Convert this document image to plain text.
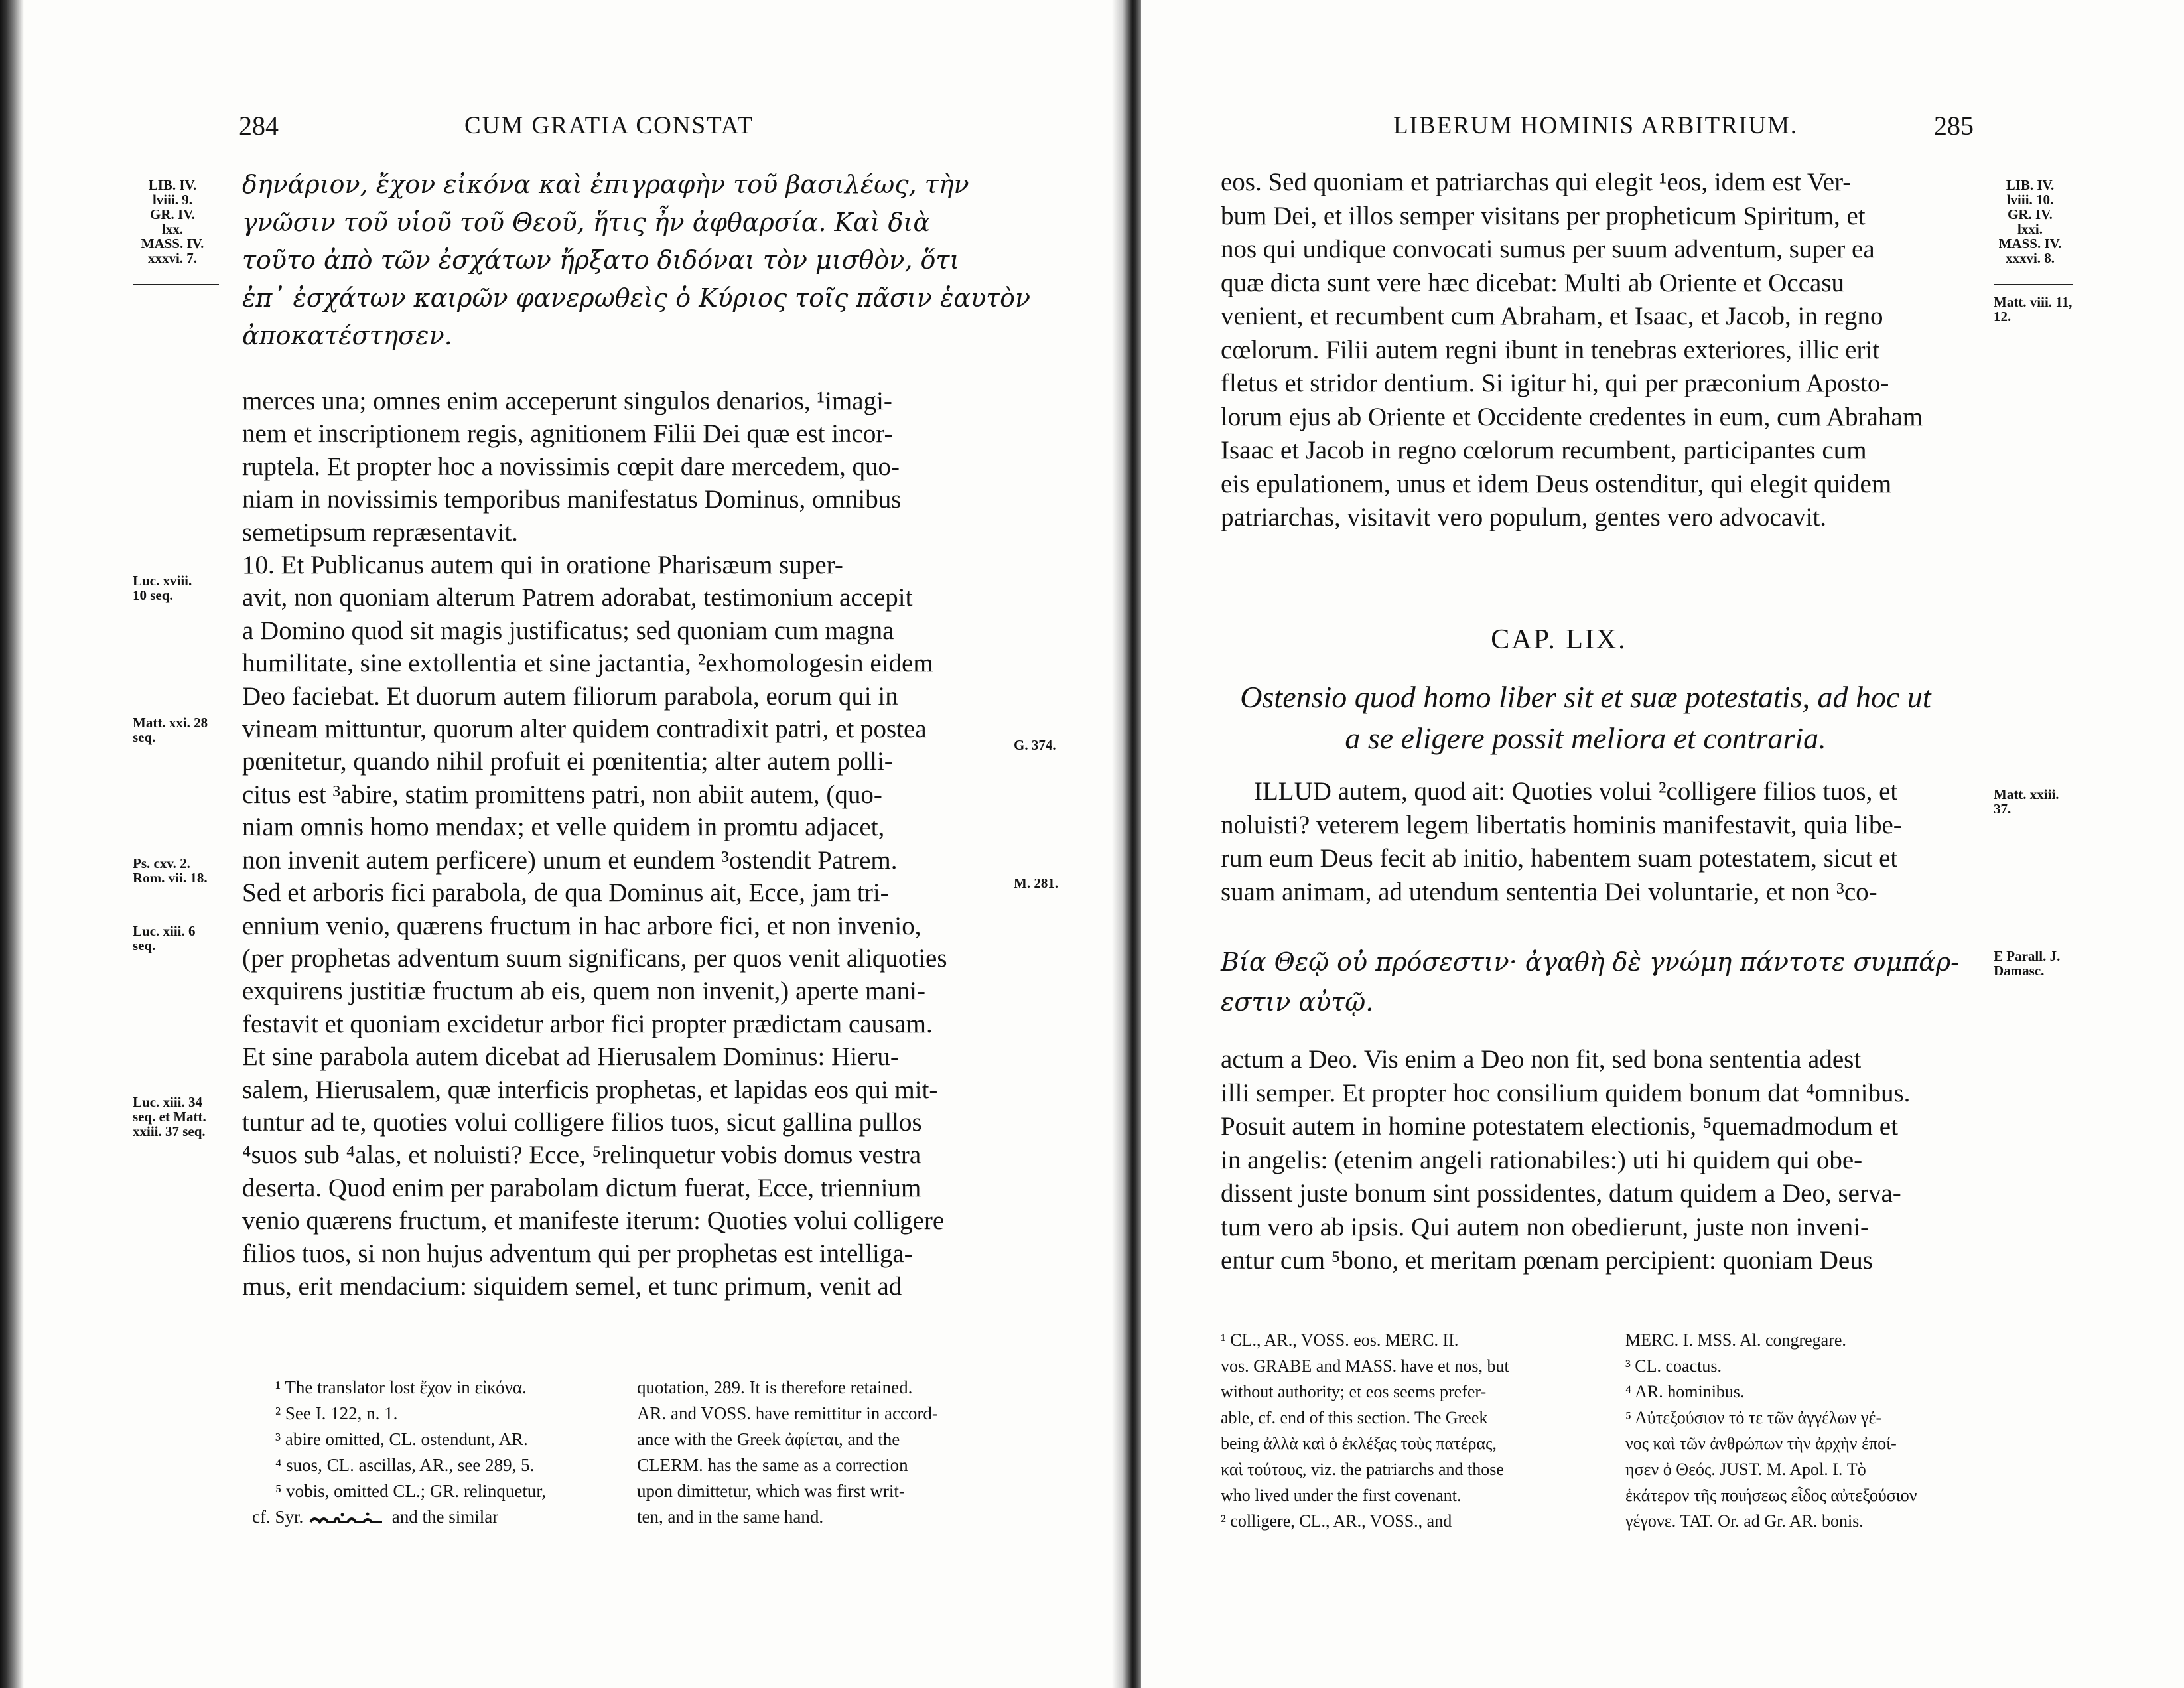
284	CUM GRATIA CONSTAT
LIB. IV.
lviii. 9.
GR. IV.
lxx.
MASS. IV.
xxxvi. 7.
δηνάριον, ἔχον εἰκόνα καὶ ἐπιγραφὴν τοῦ βασιλέως, τὴν
γνῶσιν τοῦ υἱοῦ τοῦ Θεοῦ, ἥτις ἦν ἀφθαρσία. Καὶ διὰ
τοῦτο ἀπὸ τῶν ἐσχάτων ἤρξατο διδόναι τὸν μισθὸν, ὅτι
ἐπ᾽ ἐσχάτων καιρῶν φανερωθεὶς ὁ Κύριος τοῖς πᾶσιν ἑαυτὸν
ἀποκατέστησεν.
merces una; omnes enim acceperunt singulos denarios, ¹imagi-
nem et inscriptionem regis, agnitionem Filii Dei quæ est incor-
ruptela. Et propter hoc a novissimis cœpit dare mercedem, quo-
niam in novissimis temporibus manifestatus Dominus, omnibus
semetipsum repræsentavit.
10. Et Publicanus autem qui in oratione Pharisæum super-
avit, non quoniam alterum Patrem adorabat, testimonium accepit
a Domino quod sit magis justificatus; sed quoniam cum magna
humilitate, sine extollentia et sine jactantia, ²exhomologesin eidem
Deo faciebat. Et duorum autem filiorum parabola, eorum qui in
vineam mittuntur, quorum alter quidem contradixit patri, et postea
pœnitetur, quando nihil profuit ei pœnitentia; alter autem polli-
citus est ³abire, statim promittens patri, non abiit autem, (quo-
niam omnis homo mendax; et velle quidem in promtu adjacet,
non invenit autem perficere) unum et eundem ³ostendit Patrem.
Sed et arboris fici parabola, de qua Dominus ait, Ecce, jam tri-
ennium venio, quærens fructum in hac arbore fici, et non invenio,
(per prophetas adventum suum significans, per quos venit aliquoties
exquirens justitiæ fructum ab eis, quem non invenit,) aperte mani-
festavit et quoniam excidetur arbor fici propter prædictam causam.
Et sine parabola autem dicebat ad Hierusalem Dominus: Hieru-
salem, Hierusalem, quæ interficis prophetas, et lapidas eos qui mit-
tuntur ad te, quoties volui colligere filios tuos, sicut gallina pullos
⁴suos sub ⁴alas, et noluisti? Ecce, ⁵relinquetur vobis domus vestra
deserta. Quod enim per parabolam dictum fuerat, Ecce, triennium
venio quærens fructum, et manifeste iterum: Quoties volui colligere
filios tuos, si non hujus adventum qui per prophetas est intelliga-
mus, erit mendacium: siquidem semel, et tunc primum, venit ad
Luc. xviii.
10 seq.
Matt. xxi. 28
seq.
Ps. cxv. 2.
Rom. vii. 18.
Luc. xiii. 6
seq.
Luc. xiii. 34
seq. et Matt.
xxiii. 37 seq.
G. 374.
M. 281.
¹ The translator lost ἔχον in εἰκόνα.
² See I. 122, n. 1.
³ abire omitted, CL. ostendunt, AR.
⁴ suos, CL. ascillas, AR., see 289, 5.
⁵ vobis, omitted CL.; GR. relinquetur,
cf. Syr.	and the similar
quotation, 289. It is therefore retained.
AR. and VOSS. have remittitur in accord-
ance with the Greek ἀφίεται, and the
CLERM. has the same as a correction
upon dimittetur, which was first writ-
ten, and in the same hand.
LIBERUM HOMINIS ARBITRIUM.	285
eos. Sed quoniam et patriarchas qui elegit ¹eos, idem est Ver-
bum Dei, et illos semper visitans per propheticum Spiritum, et
nos qui undique convocati sumus per suum adventum, super ea
quæ dicta sunt vere hæc dicebat: Multi ab Oriente et Occasu
venient, et recumbent cum Abraham, et Isaac, et Jacob, in regno
cœlorum. Filii autem regni ibunt in tenebras exteriores, illic erit
fletus et stridor dentium. Si igitur hi, qui per præconium Aposto-
lorum ejus ab Oriente et Occidente credentes in eum, cum Abraham
Isaac et Jacob in regno cœlorum recumbent, participantes cum
eis epulationem, unus et idem Deus ostenditur, qui elegit quidem
patriarchas, visitavit vero populum, gentes vero advocavit.
LIB. IV.
lviii. 10.
GR. IV.
lxxi.
MASS. IV.
xxxvi. 8.
Matt. viii. 11,
12.
CAP. LIX.
Ostensio quod homo liber sit et suæ potestatis, ad hoc ut
a se eligere possit meliora et contraria.
ILLUD autem, quod ait: Quoties volui ²colligere filios tuos, et
noluisti? veterem legem libertatis hominis manifestavit, quia libe-
rum eum Deus fecit ab initio, habentem suam potestatem, sicut et
suam animam, ad utendum sententia Dei voluntarie, et non ³co-
Matt. xxiii.
37.
Βία Θεῷ οὐ πρόσεστιν· ἀγαθὴ δὲ γνώμη πάντοτε συμπάρ-
εστιν αὐτῷ.
E Parall. J.
Damasc.
actum a Deo. Vis enim a Deo non fit, sed bona sententia adest
illi semper. Et propter hoc consilium quidem bonum dat ⁴omnibus.
Posuit autem in homine potestatem electionis, ⁵quemadmodum et
in angelis: (etenim angeli rationabiles:) uti hi quidem qui obe-
dissent juste bonum sint possidentes, datum quidem a Deo, serva-
tum vero ab ipsis. Qui autem non obedierunt, juste non inveni-
entur cum ⁵bono, et meritam pœnam percipient: quoniam Deus
¹ CL., AR., VOSS. eos. MERC. II.
vos. GRABE and MASS. have et nos, but
without authority; et eos seems prefer-
able, cf. end of this section. The Greek
being ἀλλὰ καὶ ὁ ἐκλέξας τοὺς πατέρας,
καὶ τούτους, viz. the patriarchs and those
who lived under the first covenant.
² colligere, CL., AR., VOSS., and
MERC. I. MSS. Al. congregare.
³ CL. coactus.
⁴ AR. hominibus.
⁵ Αὐτεξούσιον τό τε τῶν ἀγγέλων γέ-
νος καὶ τῶν ἀνθρώπων τὴν ἀρχὴν ἐποί-
ησεν ὁ Θεός. JUST. M. Apol. I. Τὸ
ἑκάτερον τῆς ποιήσεως εἶδος αὐτεξούσιον
γέγονε. TAT. Or. ad Gr. AR. bonis.
